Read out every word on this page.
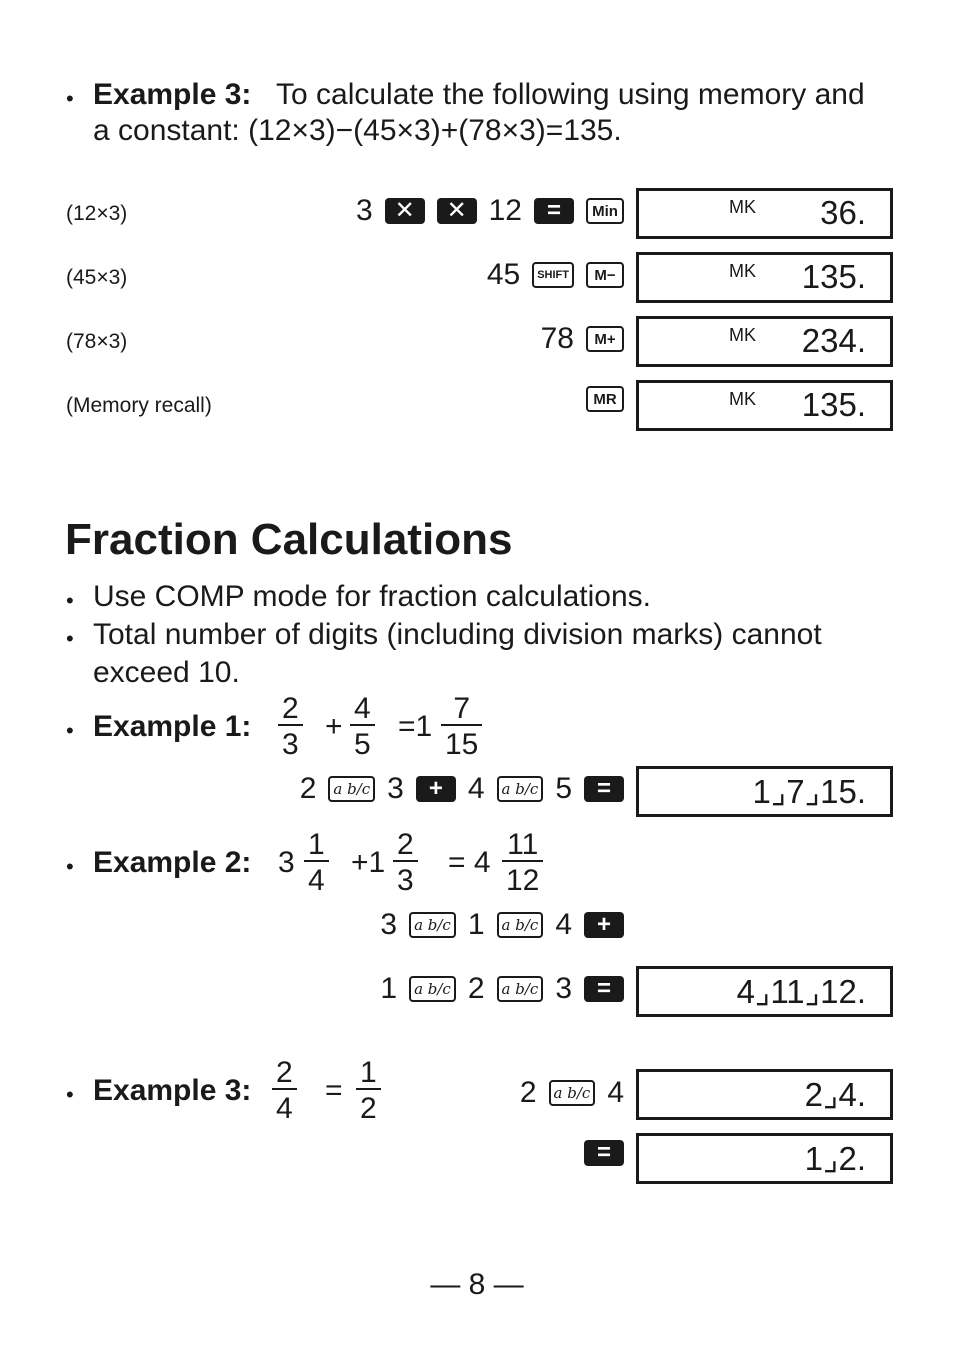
• Example 3: To calculate the following using memory and
a constant: (12×3)−(45×3)+(78×3)=135.
(12×3)	3 ✕	✕ 12	=	Min	MK 36.
(45×3)	45	SHIFT	M−	MK 135.
(78×3)	78	M+	MK 234.
(Memory recall)	MR	MK 135.
Fraction Calculations
• Use COMP mode for fraction calculations.
• Total number of digits (including division marks) cannot
exceed 10.
• Example 1: $\frac{2}{3} + \frac{4}{5} =1 \frac{7}{15}$
2	a b/c 3	+ 4	a b/c 5	=	1⌟7⌟15.
• Example 2: $3 \frac{1}{4} +1 \frac{2}{3} = 4 \frac{11}{12}$
3	a b/c 1	a b/c 4	+
1	a b/c 2	a b/c 3	=	4⌟11⌟12.
• Example 3: $\frac{2}{4} = \frac{1}{2}$	2	a b/c 4	2⌟4.
=	1⌟2.
— 8 —
